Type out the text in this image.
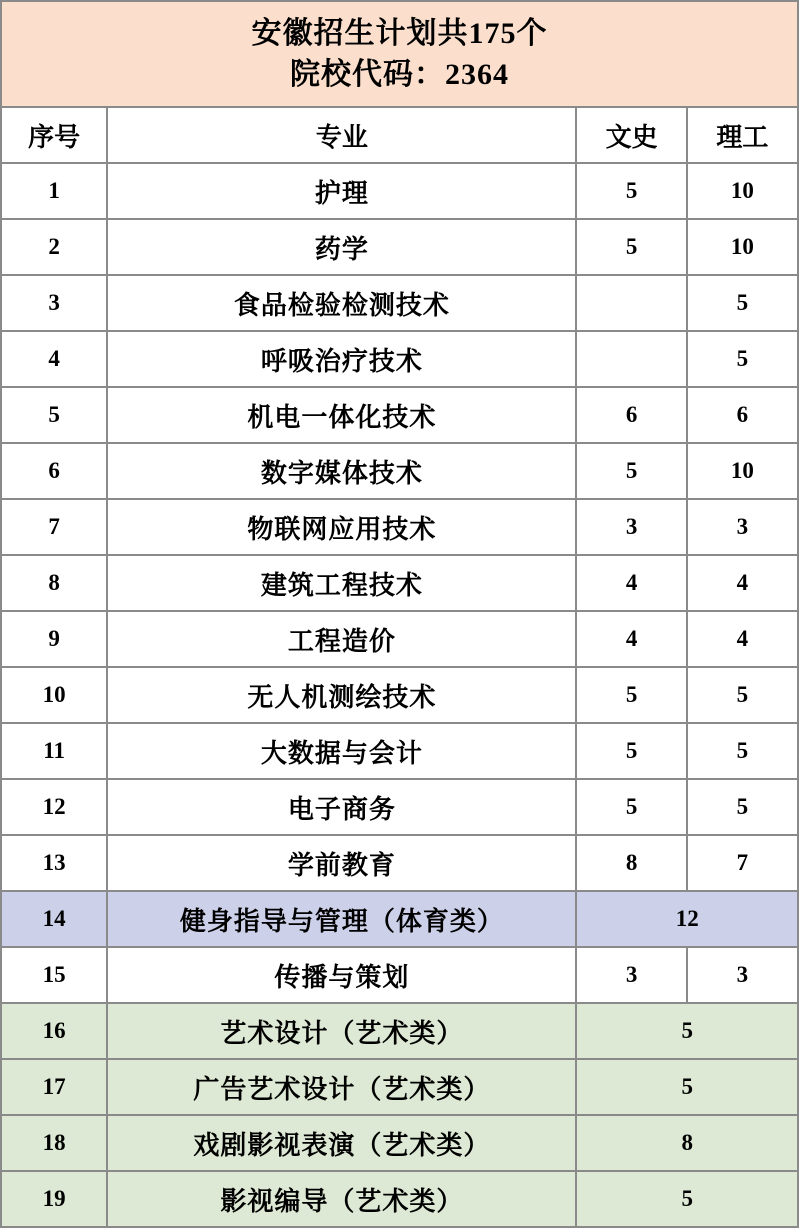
安徽招生计划共175个
院校代码：2364			

序号	专业	文史	理工
1	护理	5	10
2	药学	5	10
3	食品检验检测技术		5
4	呼吸治疗技术		5
5	机电一体化技术	6	6
6	数字媒体技术	5	10
7	物联网应用技术	3	3
8	建筑工程技术	4	4
9	工程造价	4	4
10	无人机测绘技术	5	5
11	大数据与会计	5	5
12	电子商务	5	5
13	学前教育	8	7
14	健身指导与管理（体育类）	12	
15	传播与策划	3	3
16	艺术设计（艺术类）	5	
17	广告艺术设计（艺术类）	5	
18	戏剧影视表演（艺术类）	8	
19	影视编导（艺术类）	5	
